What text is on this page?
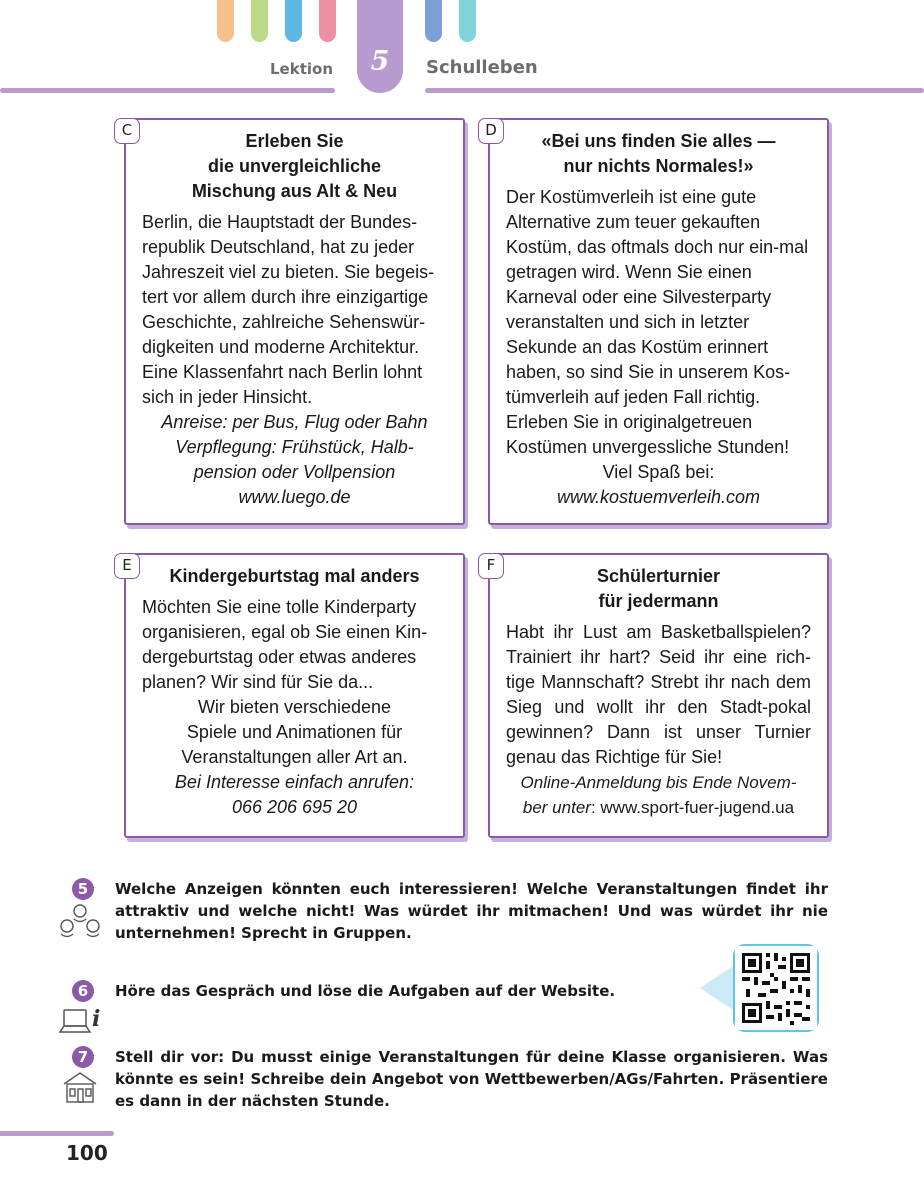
Lektion	5	Schulleben
C

Erleben Sie
die unvergleichliche
Mischung aus Alt & Neu

Berlin, die Hauptstadt der Bundes-republik Deutschland, hat zu jeder Jahreszeit viel zu bieten. Sie begeis-tert vor allem durch ihre einzigartige Geschichte, zahlreiche Sehenswür-digkeiten und moderne Architektur. Eine Klassenfahrt nach Berlin lohnt sich in jeder Hinsicht.

Anreise: per Bus, Flug oder Bahn
Verpflegung: Frühstück, Halb-
pension oder Vollpension
www.luego.de

D

«Bei uns finden Sie alles —
nur nichts Normales!»

Der Kostümverleih ist eine gute Alternative zum teuer gekauften Kostüm, das oftmals doch nur ein-mal getragen wird. Wenn Sie einen Karneval oder eine Silvesterparty veranstalten und sich in letzter Sekunde an das Kostüm erinnert haben, so sind Sie in unserem Kos-tümverleih auf jeden Fall richtig. Erleben Sie in originalgetreuen Kostümen unvergessliche Stunden!

Viel Spaß bei:

www.kostuemverleih.com

E

Kindergeburtstag mal anders

Möchten Sie eine tolle Kinderparty organisieren, egal ob Sie einen Kin-dergeburtstag oder etwas anderes planen? Wir sind für Sie da...

Wir bieten verschiedene
Spiele und Animationen für
Veranstaltungen aller Art an.

Bei Interesse einfach anrufen:
066 206 695 20

F

Schülerturnier
für jedermann

Habt ihr Lust am Basketballspielen? Trainiert ihr hart? Seid ihr eine rich-tige Mannschaft? Strebt ihr nach dem Sieg und wollt ihr den Stadt-pokal gewinnen? Dann ist unser Turnier genau das Richtige für Sie!

Online-Anmeldung bis Ende Novem-
ber unter: www.sport-fuer-jugend.ua

5	Welche Anzeigen könnten euch interessieren! Welche Veranstaltungen findet ihr attraktiv und welche nicht! Was würdet ihr mitmachen! Und was würdet ihr nie unternehmen! Sprecht in Gruppen.
6
i
Höre das Gespräch und löse die Aufgaben auf der Website.
7	Stell dir vor: Du musst einige Veranstaltungen für deine Klasse organisieren. Was könnte es sein! Schreibe dein Angebot von Wettbewerben/AGs/Fahrten. Präsentiere es dann in der nächsten Stunde.
100
